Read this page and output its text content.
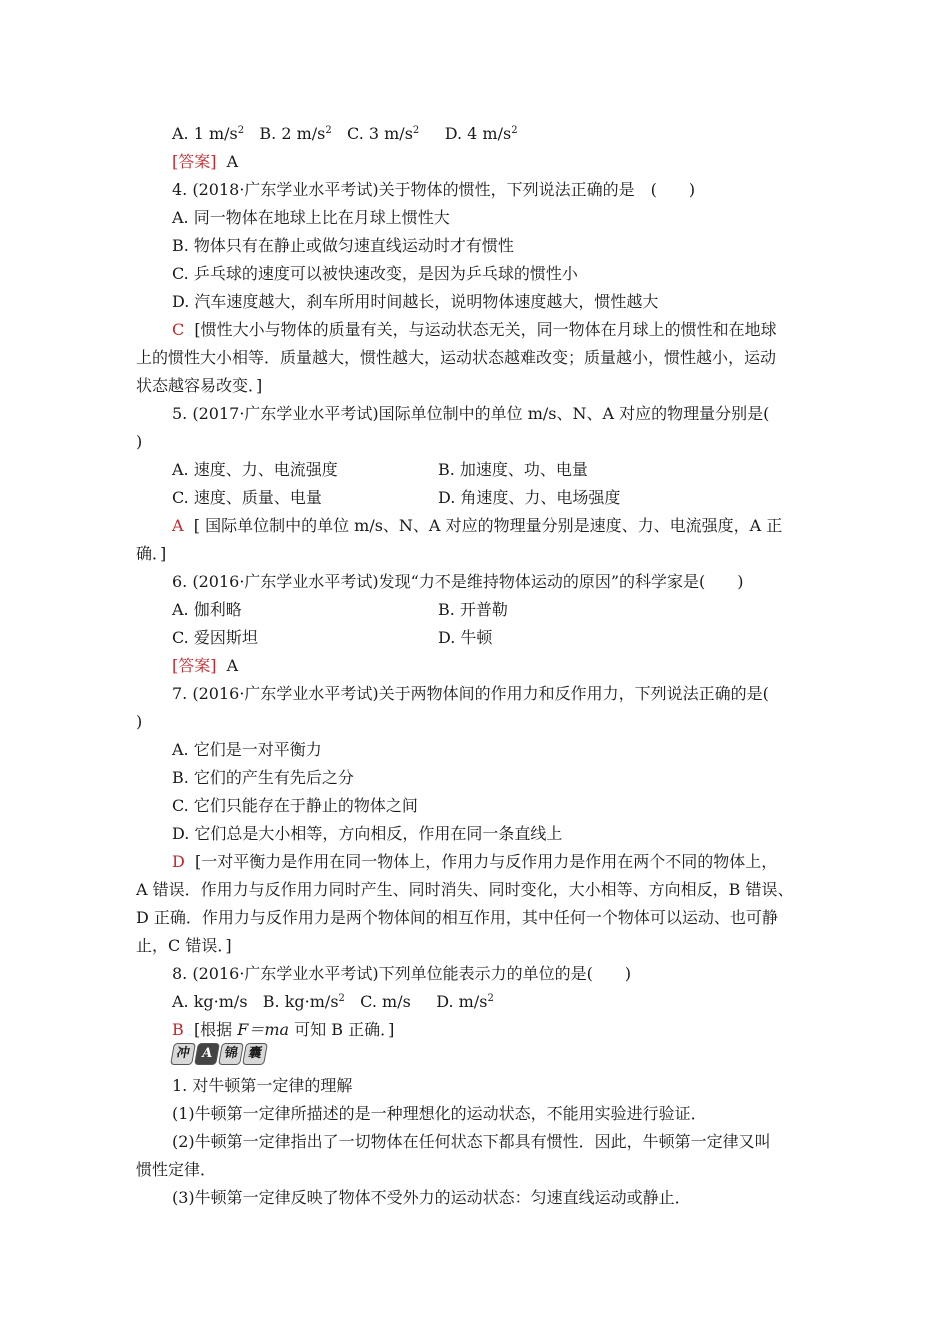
A. 1 $m/s^2$ B. 2 $m/s^2$ C. 3 $m/s^2$ D. 4 $m/s^2$
[答案] A
4. (2018·广东学业水平考试)关于物体的惯性，下列说法正确的是　(　　)
A. 同一物体在地球上比在月球上惯性大
B. 物体只有在静止或做匀速直线运动时才有惯性
C. 乒乓球的速度可以被快速改变，是因为乒乓球的惯性小
D. 汽车速度越大，刹车所用时间越长，说明物体速度越大，惯性越大
C [惯性大小与物体的质量有关，与运动状态无关，同一物体在月球上的惯性和在地球
上的惯性大小相等．质量越大，惯性越大，运动状态越难改变；质量越小，惯性越小，运动
状态越容易改变．]
5. (2017·广东学业水平考试)国际单位制中的单位 m/s、N、A 对应的物理量分别是(
)
A. 速度、力、电流强度	B. 加速度、功、电量
C. 速度、质量、电量	D. 角速度、力、电场强度
A [ 国际单位制中的单位 m/s、N、A 对应的物理量分别是速度、力、电流强度，A 正
确．]
6. (2016·广东学业水平考试)发现“力不是维持物体运动的原因”的科学家是(　　)
A. 伽利略	B. 开普勒
C. 爱因斯坦	D. 牛顿
[答案] A
7. (2016·广东学业水平考试)关于两物体间的作用力和反作用力，下列说法正确的是(
)
A. 它们是一对平衡力
B. 它们的产生有先后之分
C. 它们只能存在于静止的物体之间
D. 它们总是大小相等，方向相反，作用在同一条直线上
D [一对平衡力是作用在同一物体上，作用力与反作用力是作用在两个不同的物体上，
A 错误．作用力与反作用力同时产生、同时消失、同时变化，大小相等、方向相反，B 错误、
D 正确．作用力与反作用力是两个物体间的相互作用，其中任何一个物体可以运动、也可静
止，C 错误．]
8. (2016·广东学业水平考试)下列单位能表示力的单位的是(　　)
A. kg·m/s B. $kg\cdot m/s^2$ C. m/s D. $m/s^2$
B [根据 F＝ma 可知 B 正确．]
冲 A 锦 囊
1. 对牛顿第一定律的理解
(1)牛顿第一定律所描述的是一种理想化的运动状态，不能用实验进行验证．
(2)牛顿第一定律指出了一切物体在任何状态下都具有惯性．因此，牛顿第一定律又叫
惯性定律．
(3)牛顿第一定律反映了物体不受外力的运动状态：匀速直线运动或静止．
